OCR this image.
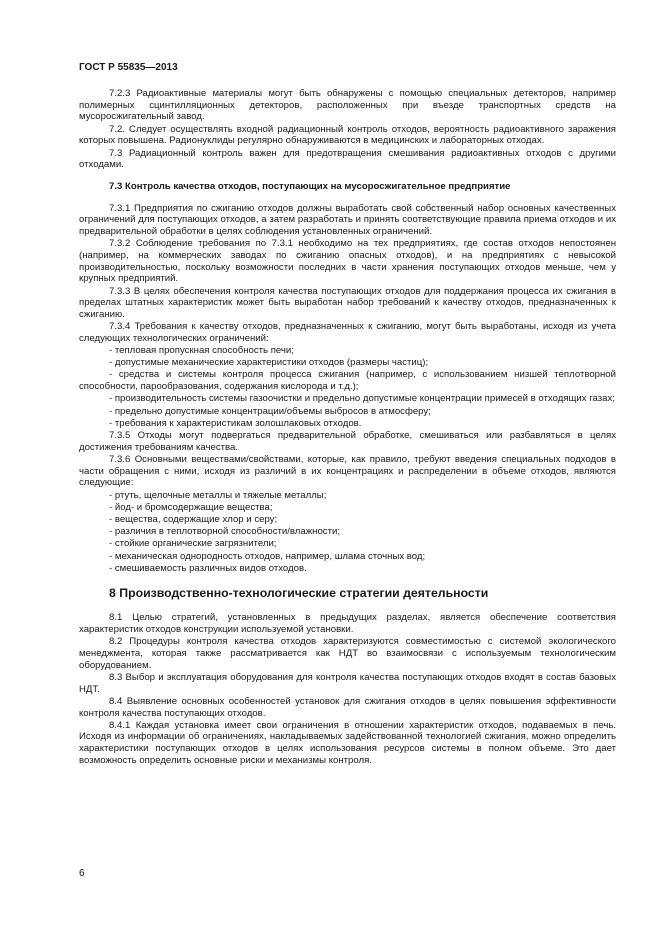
ГОСТ Р 55835—2013

7.2.3 Радиоактивные материалы могут быть обнаружены с помощью специальных детекторов, например полимерных сцинтилляционных детекторов, расположенных при въезде транспортных средств на мусоросжигательный завод.

7.2. Следует осуществлять входной радиационный контроль отходов, вероятность радиоактивного заражения которых повышена. Радионуклиды регулярно обнаруживаются в медицинских и лабораторных отходах.

7.3 Радиационный контроль важен для предотвращения смешивания радиоактивных отходов с другими отходами.

7.3 Контроль качества отходов, поступающих на мусоросжигательное предприятие

7.3.1 Предприятия по сжиганию отходов должны выработать свой собственный набор основных качественных ограничений для поступающих отходов, а затем разработать и принять соответствующие правила приема отходов и их предварительной обработки в целях соблюдения установленных ограничений.

7.3.2 Соблюдение требования по 7.3.1 необходимо на тех предприятиях, где состав отходов непостоянен (например, на коммерческих заводах по сжиганию опасных отходов), и на предприятиях с невысокой производительностью, поскольку возможности последних в части хранения поступающих отходов меньше, чем у крупных предприятий.

7.3.3 В целях обеспечения контроля качества поступающих отходов для поддержания процесса их сжигания в пределах штатных характеристик может быть выработан набор требований к качеству отходов, предназначенных к сжиганию.

7.3.4 Требования к качеству отходов, предназначенных к сжиганию, могут быть выработаны, исходя из учета следующих технологических ограничений:

- тепловая пропускная способность печи;

- допустимые механические характеристики отходов (размеры частиц);

- средства и системы контроля процесса сжигания (например, с использованием низшей теплотворной способности, парообразования, содержания кислорода и т.д.);

- производительность системы газоочистки и предельно допустимые концентрации примесей в отходящих газах;

- предельно допустимые концентрации/объемы выбросов в атмосферу;

- требования к характеристикам золошлаковых отходов.

7.3.5 Отходы могут подвергаться предварительной обработке, смешиваться или разбавляться в целях достижения требованиям качества.

7.3.6 Основными веществами/свойствами, которые, как правило, требуют введения специальных подходов в части обращения с ними, исходя из различий в их концентрациях и распределении в объеме отходов, являются следующие:

- ртуть, щелочные металлы и тяжелые металлы;

- йод- и бромсодержащие вещества;

- вещества, содержащие хлор и серу;

- различия в теплотворной способности/влажности;

- стойкие органические загрязнители;

- механическая однородность отходов, например, шлама сточных вод;

- смешиваемость различных видов отходов.

8 Производственно-технологические стратегии деятельности

8.1 Целью стратегий, установленных в предыдущих разделах, является обеспечение соответствия характеристик отходов конструкции используемой установки.

8.2 Процедуры контроля качества отходов характеризуются совместимостью с системой экологического менеджмента, которая также рассматривается как НДТ во взаимосвязи с используемым технологическим оборудованием.

8.3 Выбор и эксплуатация оборудования для контроля качества поступающих отходов входят в состав базовых НДТ.

8.4 Выявление основных особенностей установок для сжигания отходов в целях повышения эффективности контроля качества поступающих отходов.

8.4.1 Каждая установка имеет свои ограничения в отношении характеристик отходов, подаваемых в печь. Исходя из информации об ограничениях, накладываемых задействованной технологией сжигания, можно определить характеристики поступающих отходов в целях использования ресурсов системы в полном объеме. Это дает возможность определить основные риски и механизмы контроля.

6
